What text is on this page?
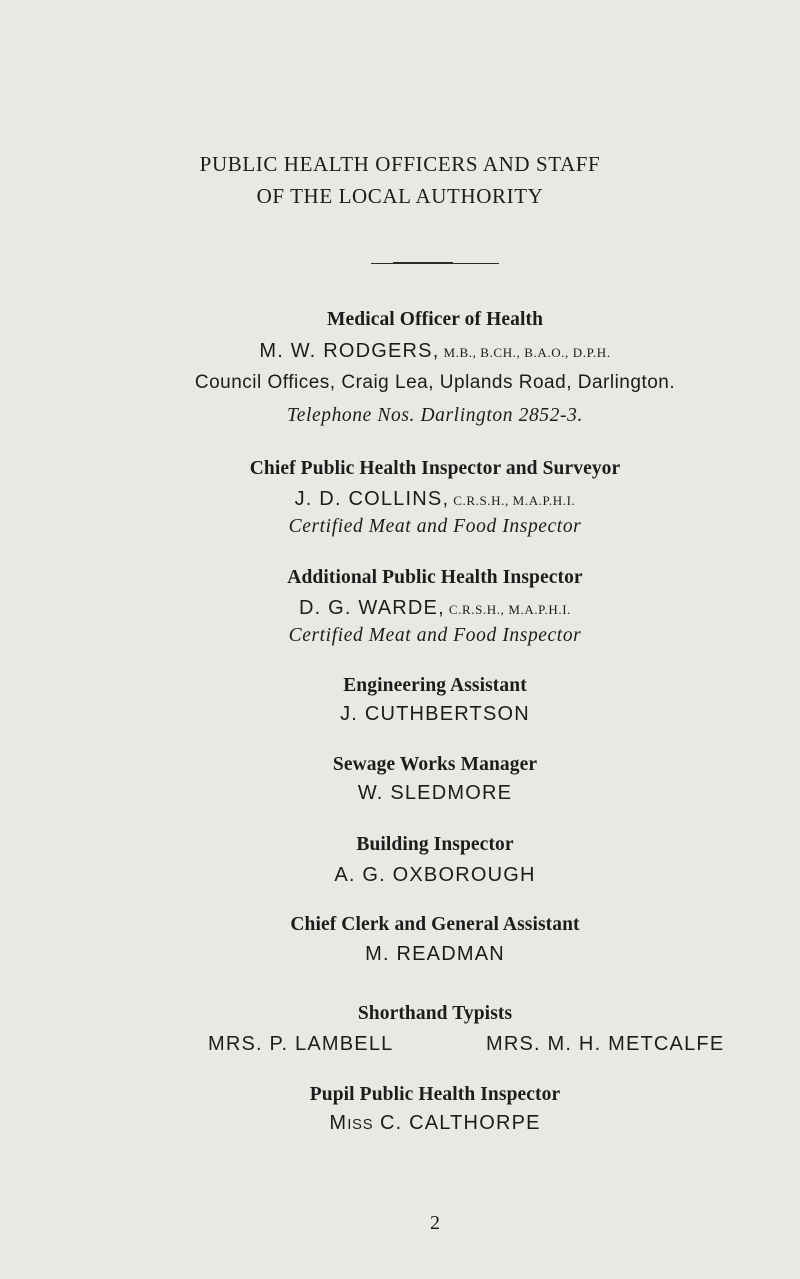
PUBLIC HEALTH OFFICERS AND STAFF
OF THE LOCAL AUTHORITY
Medical Officer of Health
M. W. RODGERS, M.B., B.CH., B.A.O., D.P.H.
Council Offices, Craig Lea, Uplands Road, Darlington.
Telephone Nos. Darlington 2852-3.
Chief Public Health Inspector and Surveyor
J. D. COLLINS, C.R.S.H., M.A.P.H.I.
Certified Meat and Food Inspector
Additional Public Health Inspector
D. G. WARDE, C.R.S.H., M.A.P.H.I.
Certified Meat and Food Inspector
Engineering Assistant
J. CUTHBERTSON
Sewage Works Manager
W. SLEDMORE
Building Inspector
A. G. OXBOROUGH
Chief Clerk and General Assistant
M. READMAN
Shorthand Typists
MRS. P. LAMBELL	MRS. M. H. METCALFE
Pupil Public Health Inspector
MISS C. CALTHORPE
2
